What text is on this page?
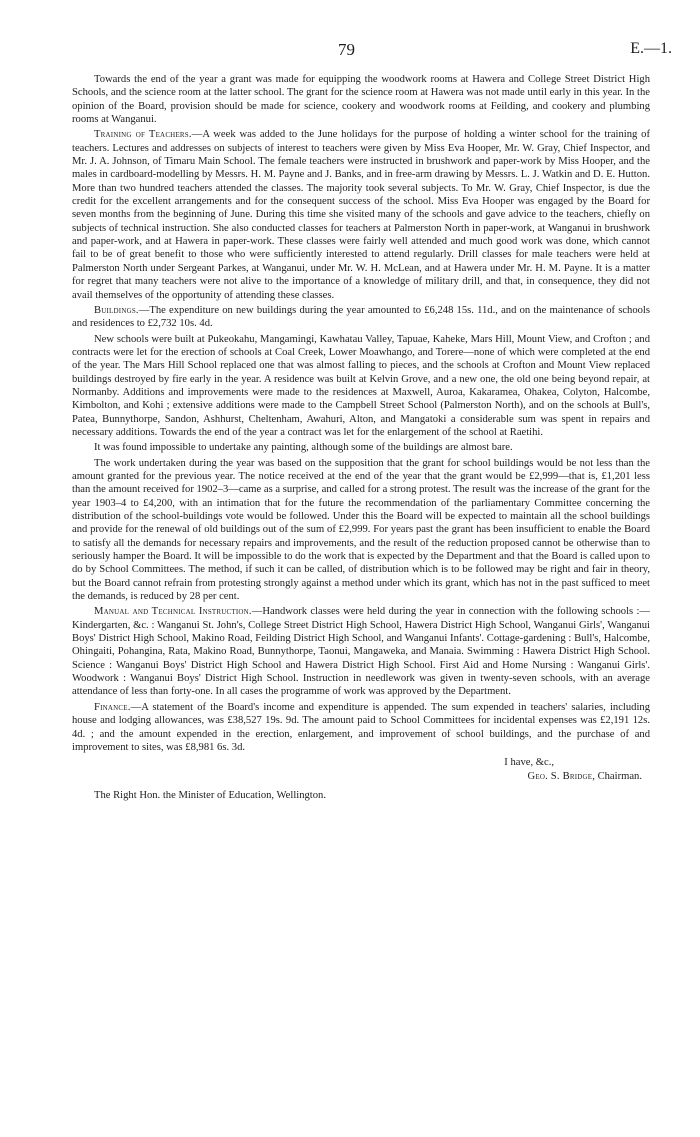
79	E.—1.

Towards the end of the year a grant was made for equipping the woodwork rooms at Hawera and College Street District High Schools, and the science room at the latter school. The grant for the science room at Hawera was not made until early in this year. In the opinion of the Board, provision should be made for science, cookery and woodwork rooms at Feilding, and cookery and plumbing rooms at Wanganui.

Training of Teachers.—A week was added to the June holidays for the purpose of holding a winter school for the training of teachers. Lectures and addresses on subjects of interest to teachers were given by Miss Eva Hooper, Mr. W. Gray, Chief Inspector, and Mr. J. A. Johnson, of Timaru Main School. The female teachers were instructed in brushwork and paper-work by Miss Hooper, and the males in cardboard-modelling by Messrs. H. M. Payne and J. Banks, and in free-arm drawing by Messrs. L. J. Watkin and D. E. Hutton. More than two hundred teachers attended the classes. The majority took several subjects. To Mr. W. Gray, Chief Inspector, is due the credit for the excellent arrangements and for the consequent success of the school. Miss Eva Hooper was engaged by the Board for seven months from the beginning of June. During this time she visited many of the schools and gave advice to the teachers, chiefly on subjects of technical instruction. She also conducted classes for teachers at Palmerston North in paper-work, at Wanganui in brushwork and paper-work, and at Hawera in paper-work. These classes were fairly well attended and much good work was done, which cannot fail to be of great benefit to those who were sufficiently interested to attend regularly. Drill classes for male teachers were held at Palmerston North under Sergeant Parkes, at Wanganui, under Mr. W. H. McLean, and at Hawera under Mr. H. M. Payne. It is a matter for regret that many teachers were not alive to the importance of a knowledge of military drill, and that, in consequence, they did not avail themselves of the opportunity of attending these classes.

Buildings.—The expenditure on new buildings during the year amounted to £6,248 15s. 11d., and on the maintenance of schools and residences to £2,732 10s. 4d.

New schools were built at Pukeokahu, Mangamingi, Kawhatau Valley, Tapuae, Kaheke, Mars Hill, Mount View, and Crofton ; and contracts were let for the erection of schools at Coal Creek, Lower Moawhango, and Torere—none of which were completed at the end of the year. The Mars Hill School replaced one that was almost falling to pieces, and the schools at Crofton and Mount View replaced buildings destroyed by fire early in the year. A residence was built at Kelvin Grove, and a new one, the old one being beyond repair, at Normanby. Additions and improvements were made to the residences at Maxwell, Auroa, Kakaramea, Ohakea, Colyton, Halcombe, Kimbolton, and Kohi ; extensive additions were made to the Campbell Street School (Palmerston North), and on the schools at Bull's, Patea, Bunnythorpe, Sandon, Ashhurst, Cheltenham, Awahuri, Alton, and Mangatoki a considerable sum was spent in repairs and necessary additions. Towards the end of the year a contract was let for the enlargement of the school at Raetihi.

It was found impossible to undertake any painting, although some of the buildings are almost bare.

The work undertaken during the year was based on the supposition that the grant for school buildings would be not less than the amount granted for the previous year. The notice received at the end of the year that the grant would be £2,999—that is, £1,201 less than the amount received for 1902–3—came as a surprise, and called for a strong protest. The result was the increase of the grant for the year 1903–4 to £4,200, with an intimation that for the future the recommendation of the parliamentary Committee concerning the distribution of the school-buildings vote would be followed. Under this the Board will be expected to maintain all the school buildings and provide for the renewal of old buildings out of the sum of £2,999. For years past the grant has been insufficient to enable the Board to satisfy all the demands for necessary repairs and improvements, and the result of the reduction proposed cannot be otherwise than to seriously hamper the Board. It will be impossible to do the work that is expected by the Department and that the Board is called upon to do by School Committees. The method, if such it can be called, of distribution which is to be followed may be right and fair in theory, but the Board cannot refrain from protesting strongly against a method under which its grant, which has not in the past sufficed to meet the demands, is reduced by 28 per cent.

Manual and Technical Instruction.—Handwork classes were held during the year in connection with the following schools :—Kindergarten, &c. : Wanganui St. John's, College Street District High School, Hawera District High School, Wanganui Girls', Wanganui Boys' District High School, Makino Road, Feilding District High School, and Wanganui Infants'. Cottage-gardening : Bull's, Halcombe, Ohingaiti, Pohangina, Rata, Makino Road, Bunnythorpe, Taonui, Mangaweka, and Manaia. Swimming : Hawera District High School. Science : Wanganui Boys' District High School and Hawera District High School. First Aid and Home Nursing : Wanganui Girls'. Woodwork : Wanganui Boys' District High School. Instruction in needlework was given in twenty-seven schools, with an average attendance of less than forty-one. In all cases the programme of work was approved by the Department.

Finance.—A statement of the Board's income and expenditure is appended. The sum expended in teachers' salaries, including house and lodging allowances, was £38,527 19s. 9d. The amount paid to School Committees for incidental expenses was £2,191 12s. 4d. ; and the amount expended in the erection, enlargement, and improvement of school buildings, and the purchase of and improvement to sites, was £8,981 6s. 3d.

I have, &c.,
Geo. S. Bridge, Chairman.
The Right Hon. the Minister of Education, Wellington.
